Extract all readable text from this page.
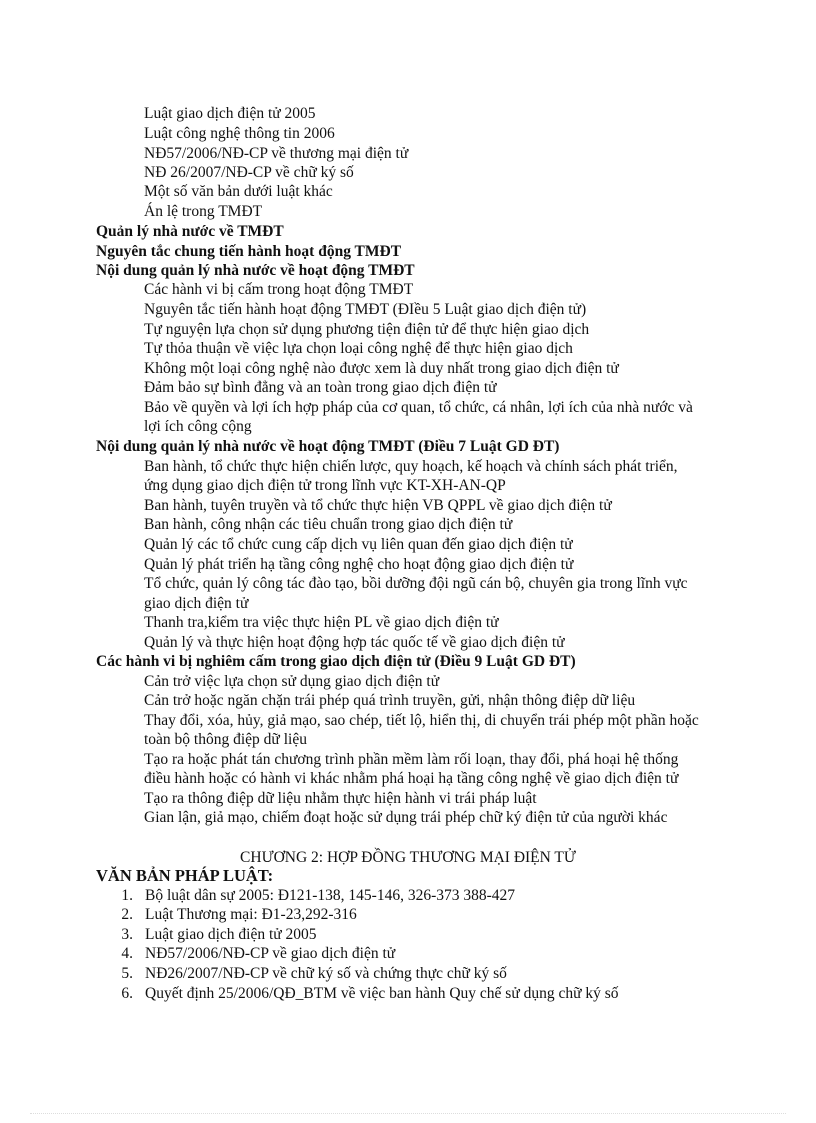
Luật giao dịch điện tử 2005
Luật công nghệ thông tin 2006
NĐ57/2006/NĐ-CP về thương mại điện tử
NĐ 26/2007/NĐ-CP về chữ ký số
Một số văn bản dưới luật khác
Án lệ trong TMĐT
Quản lý nhà nước về TMĐT
Nguyên tắc chung tiến hành hoạt động TMĐT
Nội dung quản lý nhà nước về hoạt động TMĐT
Các hành vi bị cấm trong hoạt động TMĐT
Nguyên tắc tiến hành hoạt động TMĐT (ĐIều 5 Luật giao dịch điện tử)
Tự nguyện lựa chọn sử dụng phương tiện điện tử để thực hiện giao dịch
Tự thỏa thuận về việc lựa chọn loại công nghệ để thực hiện giao dịch
Không một loại công nghệ nào được xem là duy nhất trong giao dịch điện tử
Đảm bảo sự bình đẳng và an toàn trong giao dịch điện tử
Bảo về quyền và lợi ích hợp pháp của cơ quan, tổ chức, cá nhân, lợi ích của nhà nước và
lợi ích công cộng
Nội dung quản lý nhà nước về hoạt động TMĐT (Điều 7 Luật GD ĐT)
Ban hành, tổ chức thực hiện chiến lược, quy hoạch, kế hoạch và chính sách phát triển,
ứng dụng giao dịch điện tử trong lĩnh vực KT-XH-AN-QP
Ban hành, tuyên truyền và tổ chức thực hiện VB QPPL về giao dịch điện tử
Ban hành, công nhận các tiêu chuẩn trong giao dịch điện tử
Quản lý các tổ chức cung cấp dịch vụ liên quan đến giao dịch điện tử
Quản lý phát triển hạ tầng công nghệ cho hoạt động giao dịch điện tử
Tổ chức, quản lý công tác đào tạo, bồi dưỡng đội ngũ cán bộ, chuyên gia trong lĩnh vực
giao dịch điện tử
Thanh tra,kiểm tra việc thực hiện PL về giao dịch điện tử
Quản lý và thực hiện hoạt động hợp tác quốc tế về giao dịch điện tử
Các hành vi bị nghiêm cấm trong giao dịch điện tử (Điều 9 Luật GD ĐT)
Cản trở việc lựa chọn sử dụng giao dịch điện tử
Cản trở hoặc ngăn chặn trái phép quá trình truyền, gửi, nhận thông điệp dữ liệu
Thay đổi, xóa, hủy, giả mạo, sao chép, tiết lộ, hiển thị, di chuyển trái phép một phần hoặc
toàn bộ thông điệp dữ liệu
Tạo ra hoặc phát tán chương trình phần mềm làm rối loạn, thay đổi, phá hoại hệ thống
điều hành hoặc có hành vi khác nhằm phá hoại hạ tầng công nghệ về giao dịch điện tử
Tạo ra thông điệp dữ liệu nhằm thực hiện hành vi trái pháp luật
Gian lận, giả mạo, chiếm đoạt hoặc sử dụng trái phép chữ ký điện tử của người khác
CHƯƠNG 2: HỢP ĐỒNG THƯƠNG MẠI ĐIỆN TỬ
VĂN BẢN PHÁP LUẬT:
1. Bộ luật dân sự 2005: Đ121-138, 145-146, 326-373 388-427
2. Luật Thương mại: Đ1-23,292-316
3. Luật giao dịch điện tử 2005
4. NĐ57/2006/NĐ-CP về giao dịch điện tử
5. NĐ26/2007/NĐ-CP về chữ ký số và chứng thực chữ ký số
6. Quyết định 25/2006/QĐ_BTM về việc ban hành Quy chế sử dụng chữ ký số
